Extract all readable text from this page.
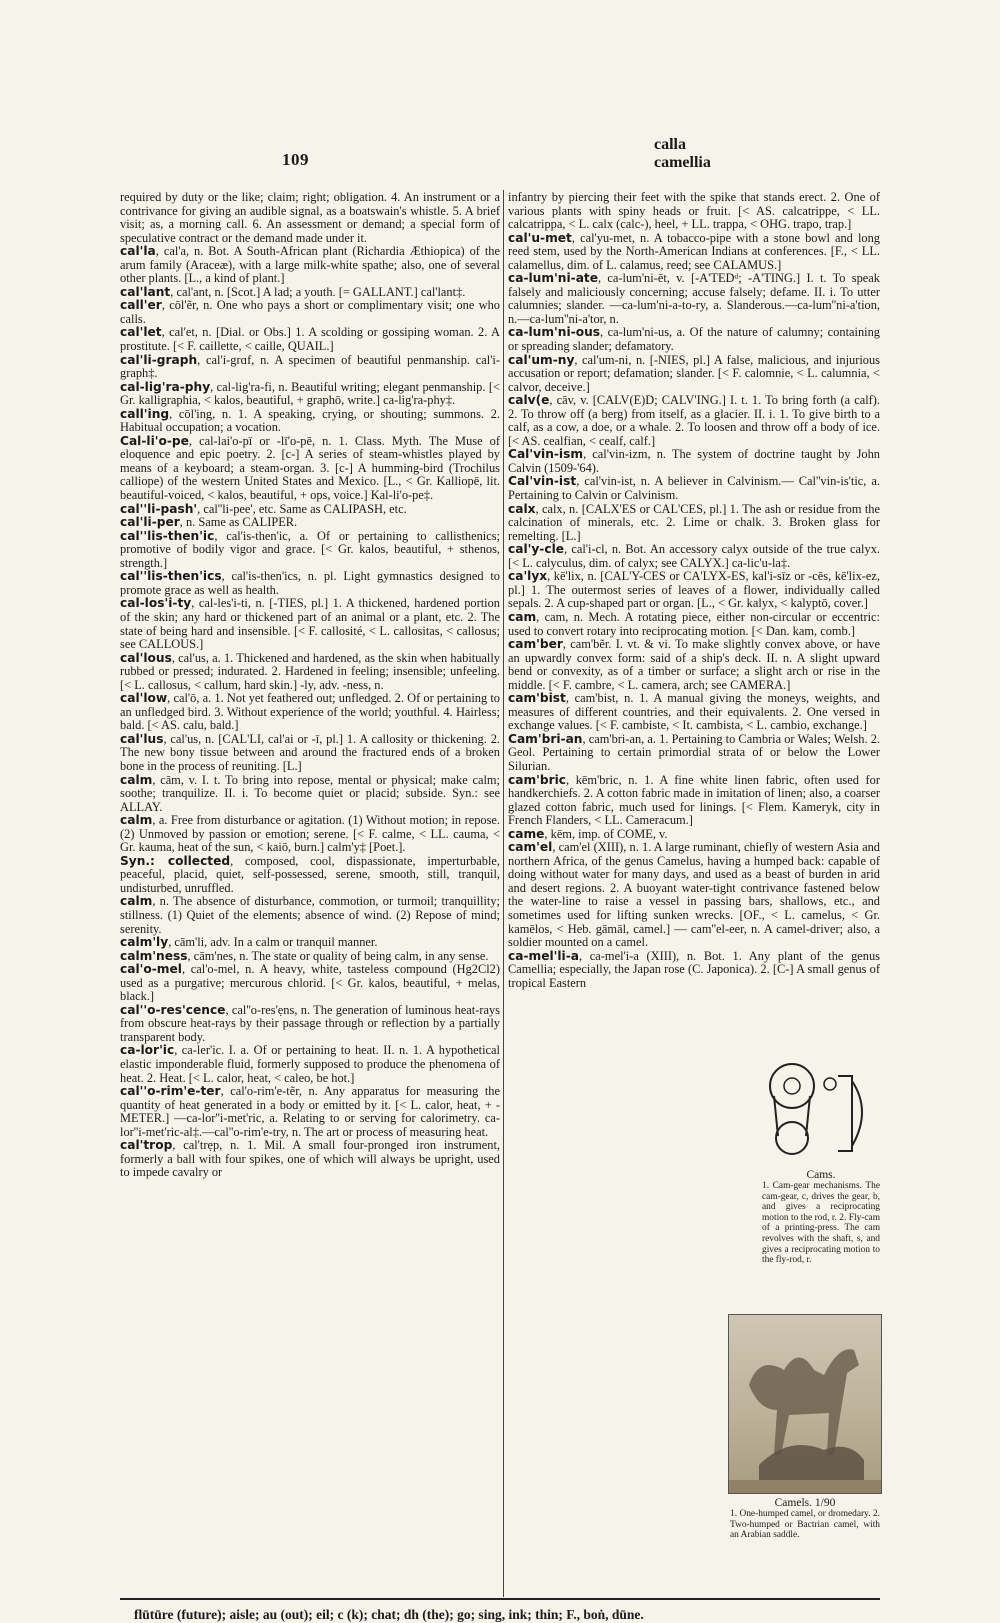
109
calla
camellia

required by duty or the like; claim; right; obligation. 4. An instrument or a contrivance for giving an audible signal, as a boatswain's whistle. 5. A brief visit; as, a morning call. 6. An assessment or demand; a special form of speculative contract or the demand made under it.

cal'la, cal'a, n. Bot. A South-African plant (Richardia Æthiopica) of the arum family (Araceæ), with a large milk-white spathe; also, one of several other plants. [L., a kind of plant.]

cal'lant, cal'ant, n. [Scot.] A lad; a youth. [= GALLANT.] cal'lant‡.

call'er, cōl'ẽr, n. One who pays a short or complimentary visit; one who calls.

cal'let, cal'et, n. [Dial. or Obs.] 1. A scolding or gossiping woman. 2. A prostitute. [< F. caillette, < caille, QUAIL.]

cal'li-graph, cal'i-grɑf, n. A specimen of beautiful penmanship. cal'i-graph‡.

cal-lig'ra-phy, cal-lig'ra-fi, n. Beautiful writing; elegant penmanship. [< Gr. kalligraphia, < kalos, beautiful, + graphō, write.] ca-lig'ra-phy‡.

call'ing, cōl'ing, n. 1. A speaking, crying, or shouting; summons. 2. Habitual occupation; a vocation.

Cal-li'o-pe, cal-lai'o-pī or -lī'o-pē, n. 1. Class. Myth. The Muse of eloquence and epic poetry. 2. [c-] A series of steam-whistles played by means of a keyboard; a steam-organ. 3. [c-] A humming-bird (Trochilus calliope) of the western United States and Mexico. [L., < Gr. Kalliopē, lit. beautiful-voiced, < kalos, beautiful, + ops, voice.] Kal-li'o-pe‡.

cal''li-pash', cal''li-pee', etc. Same as CALIPASH, etc.

cal'li-per, n. Same as CALIPER.

cal''lis-then'ic, cal'is-then'ic, a. Of or pertaining to callisthenics; promotive of bodily vigor and grace. [< Gr. kalos, beautiful, + sthenos, strength.]

cal''lis-then'ics, cal'is-then'ics, n. pl. Light gymnastics designed to promote grace as well as health.

cal-los'i-ty, cal-les'i-ti, n. [-TIES, pl.] 1. A thickened, hardened portion of the skin; any hard or thickened part of an animal or a plant, etc. 2. The state of being hard and insensible. [< F. callosité, < L. callositas, < callosus; see CALLOUS.]

cal'lous, cal'us, a. 1. Thickened and hardened, as the skin when habitually rubbed or pressed; indurated. 2. Hardened in feeling; insensible; unfeeling. [< L. callosus, < callum, hard skin.] -ly, adv. -ness, n.

cal'low, cal'ō, a. 1. Not yet feathered out; unfledged. 2. Of or pertaining to an unfledged bird. 3. Without experience of the world; youthful. 4. Hairless; bald. [< AS. calu, bald.]

cal'lus, cal'us, n. [CAL'LI, cal'ai or -ī, pl.] 1. A callosity or thickening. 2. The new bony tissue between and around the fractured ends of a broken bone in the process of reuniting. [L.]

calm, cām, v. I. t. To bring into repose, mental or physical; make calm; soothe; tranquilize. II. i. To become quiet or placid; subside. Syn.: see ALLAY.

calm, a. Free from disturbance or agitation. (1) Without motion; in repose. (2) Unmoved by passion or emotion; serene. [< F. calme, < LL. cauma, < Gr. kauma, heat of the sun, < kaiō, burn.] calm'y‡ [Poet.].

Syn.: collected, composed, cool, dispassionate, imperturbable, peaceful, placid, quiet, self-possessed, serene, smooth, still, tranquil, undisturbed, unruffled.

calm, n. The absence of disturbance, commotion, or turmoil; tranquillity; stillness. (1) Quiet of the elements; absence of wind. (2) Repose of mind; serenity.

calm'ly, cām'li, adv. In a calm or tranquil manner.

calm'ness, cām'nes, n. The state or quality of being calm, in any sense.

cal'o-mel, cal'o-mel, n. A heavy, white, tasteless compound (Hg2Cl2) used as a purgative; mercurous chlorid. [< Gr. kalos, beautiful, + melas, black.]

cal''o-res'cence, cal''o-res'ẹns, n. The generation of luminous heat-rays from obscure heat-rays by their passage through or reflection by a partially transparent body.

ca-lor'ic, ca-ler'ic. I. a. Of or pertaining to heat. II. n. 1. A hypothetical elastic imponderable fluid, formerly supposed to produce the phenomena of heat. 2. Heat. [< L. calor, heat, < caleo, be hot.]

cal''o-rim'e-ter, cal'o-rim'e-tẽr, n. Any apparatus for measuring the quantity of heat generated in a body or emitted by it. [< L. calor, heat, + -METER.] —ca-lor''i-met'ric, a. Relating to or serving for calorimetry. ca-lor''i-met'ric-al‡.—cal''o-rim'e-try, n. The art or process of measuring heat.

cal'trop, cal'trẹp, n. 1. Mil. A small four-pronged iron instrument, formerly a ball with four spikes, one of which will always be upright, used to impede cavalry or

infantry by piercing their feet with the spike that stands erect. 2. One of various plants with spiny heads or fruit. [< AS. calcatrippe, < LL. calcatrippa, < L. calx (calc-), heel, + LL. trappa, < OHG. trapo, trap.]

cal'u-met, cal'yu-met, n. A tobacco-pipe with a stone bowl and long reed stem, used by the North-American Indians at conferences. [F., < LL. calamellus, dim. of L. calamus, reed; see CALAMUS.]

ca-lum'ni-ate, ca-lum'ni-ēt, v. [-A'TEDᵈ; -A'TING.] I. t. To speak falsely and maliciously concerning; accuse falsely; defame. II. i. To utter calumnies; slander. —ca-lum'ni-a-to-ry, a. Slanderous.—ca-lum''ni-a'tion, n.—ca-lum''ni-a'tor, n.

ca-lum'ni-ous, ca-lum'ni-us, a. Of the nature of calumny; containing or spreading slander; defamatory.

cal'um-ny, cal'um-ni, n. [-NIES, pl.] A false, malicious, and injurious accusation or report; defamation; slander. [< F. calomnie, < L. calumnia, < calvor, deceive.]

calv(e, cāv, v. [CALV(E)D; CALV'ING.] I. t. 1. To bring forth (a calf). 2. To throw off (a berg) from itself, as a glacier. II. i. 1. To give birth to a calf, as a cow, a doe, or a whale. 2. To loosen and throw off a body of ice. [< AS. cealfian, < cealf, calf.]

Cal'vin-ism, cal'vin-izm, n. The system of doctrine taught by John Calvin (1509-'64).

Cal'vin-ist, cal'vin-ist, n. A believer in Calvinism.— Cal''vin-is'tic, a. Pertaining to Calvin or Calvinism.

calx, calx, n. [CALX'ES or CAL'CES, pl.] 1. The ash or residue from the calcination of minerals, etc. 2. Lime or chalk. 3. Broken glass for remelting. [L.]

cal'y-cle, cal'i-cl, n. Bot. An accessory calyx outside of the true calyx. [< L. calyculus, dim. of calyx; see CALYX.] ca-lic'u-la‡.

ca'lyx, kē'lix, n. [CAL'Y-CES or CA'LYX-ES, kal'i-sīz or -cēs, kē'lix-ez, pl.] 1. The outermost series of leaves of a flower, individually called sepals. 2. A cup-shaped part or organ. [L., < Gr. kalyx, < kalyptō, cover.]

cam, cam, n. Mech. A rotating piece, either non-circular or eccentric: used to convert rotary into reciprocating motion. [< Dan. kam, comb.]

cam'ber, cam'bẽr. I. vt. & vi. To make slightly convex above, or have an upwardly convex form: said of a ship's deck. II. n. A slight upward bend or convexity, as of a timber or surface; a slight arch or rise in the middle. [< F. cambre, < L. camera, arch; see CAMERA.]

cam'bist, cam'bist, n. 1. A manual giving the moneys, weights, and measures of different countries, and their equivalents. 2. One versed in exchange values. [< F. cambiste, < It. cambista, < L. cambio, exchange.]

Cam'bri-an, cam'bri-an, a. 1. Pertaining to Cambria or Wales; Welsh. 2. Geol. Pertaining to certain primordial strata of or below the Lower Silurian.

cam'bric, kēm'bric, n. 1. A fine white linen fabric, often used for handkerchiefs. 2. A cotton fabric made in imitation of linen; also, a coarser glazed cotton fabric, much used for linings. [< Flem. Kameryk, city in French Flanders, < LL. Cameracum.]

came, kēm, imp. of COME, v.

cam'el, cam'el (XIII), n. 1. A large ruminant, chiefly of western Asia and northern Africa, of the genus Camelus, having a humped back: capable of doing without water for many days, and used as a beast of burden in arid and desert regions. 2. A buoyant water-tight contrivance fastened below the water-line to raise a vessel in passing bars, shallows, etc., and sometimes used for lifting sunken wrecks. [OF., < L. camelus, < Gr. kamēlos, < Heb. gāmāl, camel.] — cam''el-eer, n. A camel-driver; also, a soldier mounted on a camel.

ca-mel'li-a, ca-mel'i-a (XIII), n. Bot. 1. Any plant of the genus Camellia; especially, the Japan rose (C. Japonica). 2. [C-] A small genus of tropical Eastern

Cams.
1. Cam-gear mechanisms. The cam-gear, c, drives the gear, b, and gives a reciprocating motion to the rod, r. 2. Fly-cam of a printing-press. The cam revolves with the shaft, s, and gives a reciprocating motion to the fly-rod, r.
Camels. 1/90
1. One-humped camel, or dromedary. 2. Two-humped or Bactrian camel, with an Arabian saddle.
flūtūre (future); aisle; au (out); eil; c (k); chat; dh (the); go; sing, ink; thin; F., boṅ, dūne.
